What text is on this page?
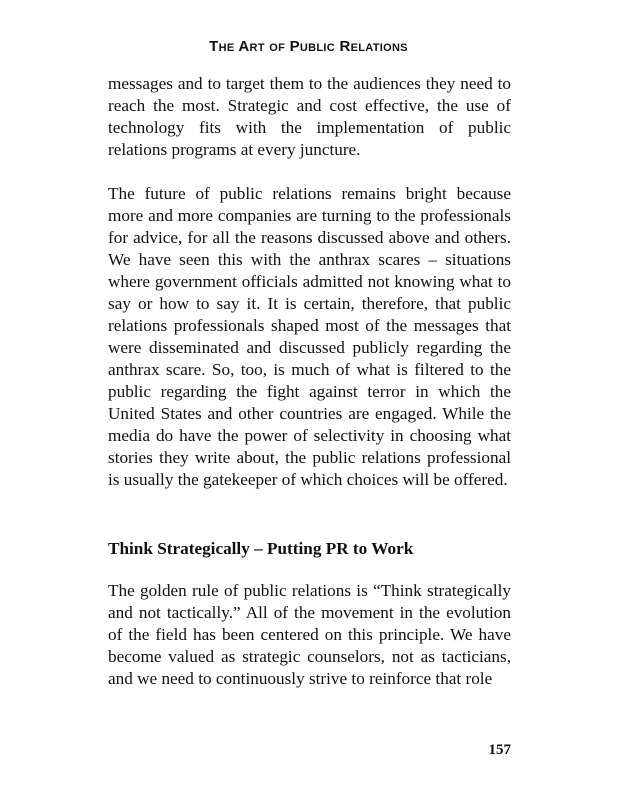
The Art of Public Relations

messages and to target them to the audiences they need to reach the most. Strategic and cost effective, the use of technology fits with the implementation of public relations programs at every juncture.

The future of public relations remains bright because more and more companies are turning to the professionals for advice, for all the reasons discussed above and others. We have seen this with the anthrax scares – situations where government officials admitted not knowing what to say or how to say it. It is certain, therefore, that public relations professionals shaped most of the messages that were disseminated and discussed publicly regarding the anthrax scare. So, too, is much of what is filtered to the public regarding the fight against terror in which the United States and other countries are engaged. While the media do have the power of selectivity in choosing what stories they write about, the public relations professional is usually the gatekeeper of which choices will be offered.

Think Strategically – Putting PR to Work

The golden rule of public relations is “Think strategically and not tactically.” All of the movement in the evolution of the field has been centered on this principle. We have become valued as strategic counselors, not as tacticians, and we need to continuously strive to reinforce that role

157
